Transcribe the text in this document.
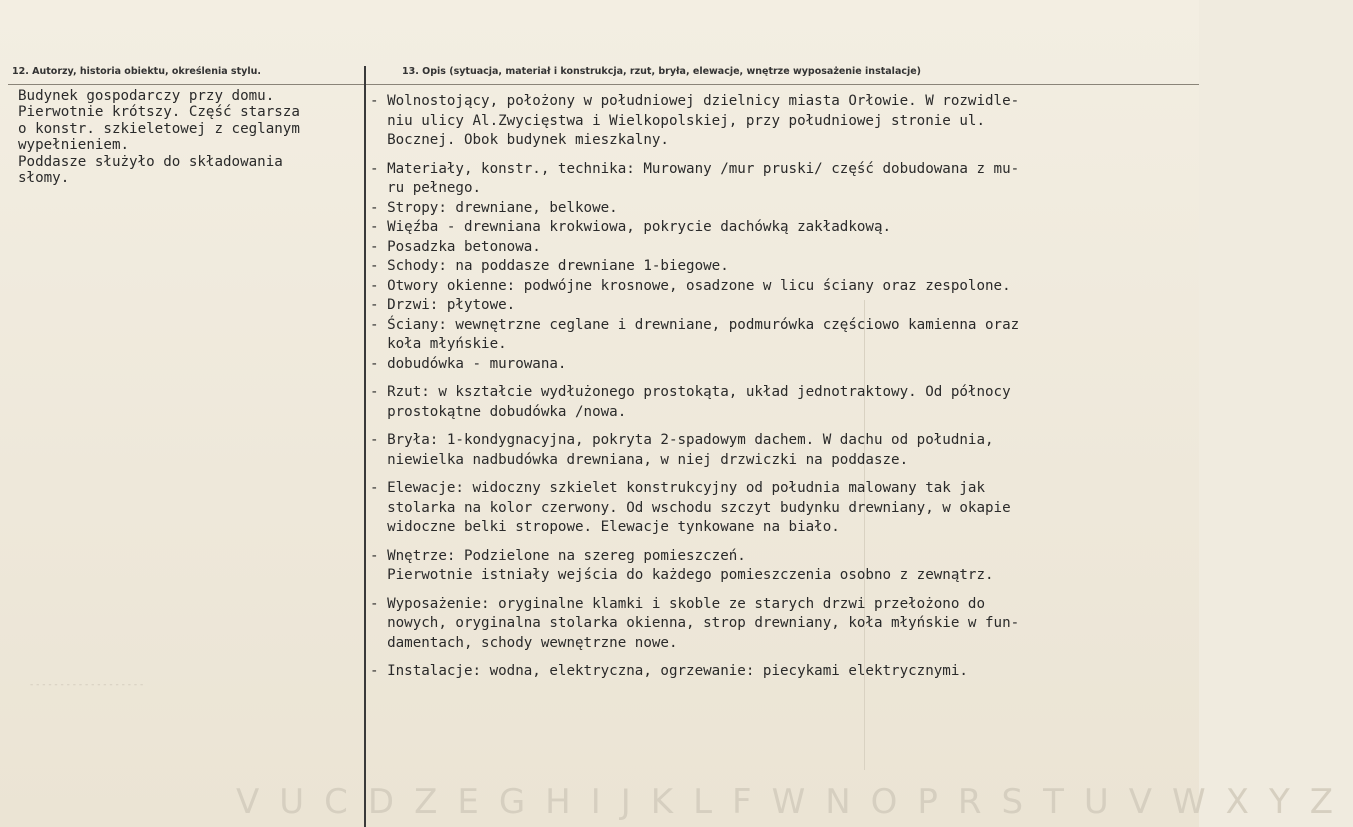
12. Autorzy, historia obiektu, określenia stylu.	13. Opis (sytuacja, materiał i konstrukcja, rzut, bryła, elewacje, wnętrze wyposażenie instalacje)
Budynek gospodarczy przy domu.
Pierwotnie krótszy. Część starsza
o konstr. szkieletowej z ceglanym
wypełnieniem.
Poddasze służyło do składowania
słomy.
- Wolnostojący, położony w południowej dzielnicy miasta Orłowie. W rozwidle-
niu ulicy Al.Zwycięstwa i Wielkopolskiej, przy południowej stronie ul.
Bocznej. Obok budynek mieszkalny.
- Materiały, konstr., technika: Murowany /mur pruski/ część dobudowana z mu-
ru pełnego.
- Stropy: drewniane, belkowe.
- Więźba - drewniana krokwiowa, pokrycie dachówką zakładkową.
- Posadzka betonowa.
- Schody: na poddasze drewniane 1-biegowe.
- Otwory okienne: podwójne krosnowe, osadzone w licu ściany oraz zespolone.
- Drzwi: płytowe.
- Ściany: wewnętrzne ceglane i drewniane, podmurówka częściowo kamienna oraz
koła młyńskie.
- dobudówka - murowana.
- Rzut: w kształcie wydłużonego prostokąta, układ jednotraktowy. Od północy
prostokątne dobudówka /nowa.
- Bryła: 1-kondygnacyjna, pokryta 2-spadowym dachem. W dachu od południa,
niewielka nadbudówka drewniana, w niej drzwiczki na poddasze.
- Elewacje: widoczny szkielet konstrukcyjny od południa malowany tak jak
stolarka na kolor czerwony. Od wschodu szczyt budynku drewniany, w okapie
widoczne belki stropowe. Elewacje tynkowane na biało.
- Wnętrze: Podzielone na szereg pomieszczeń.
Pierwotnie istniały wejścia do każdego pomieszczenia osobno z zewnątrz.
- Wyposażenie: oryginalne klamki i skoble ze starych drzwi przełożono do
nowych, oryginalna stolarka okienna, strop drewniany, koła młyńskie w fun-
damentach, schody wewnętrzne nowe.
- Instalacje: wodna, elektryczna, ogrzewanie: piecykami elektrycznymi.
VUCDZEGHIJKLFWNOPRSTUVWXYZ
- - - - - - - - - - - - - - - - - - -
